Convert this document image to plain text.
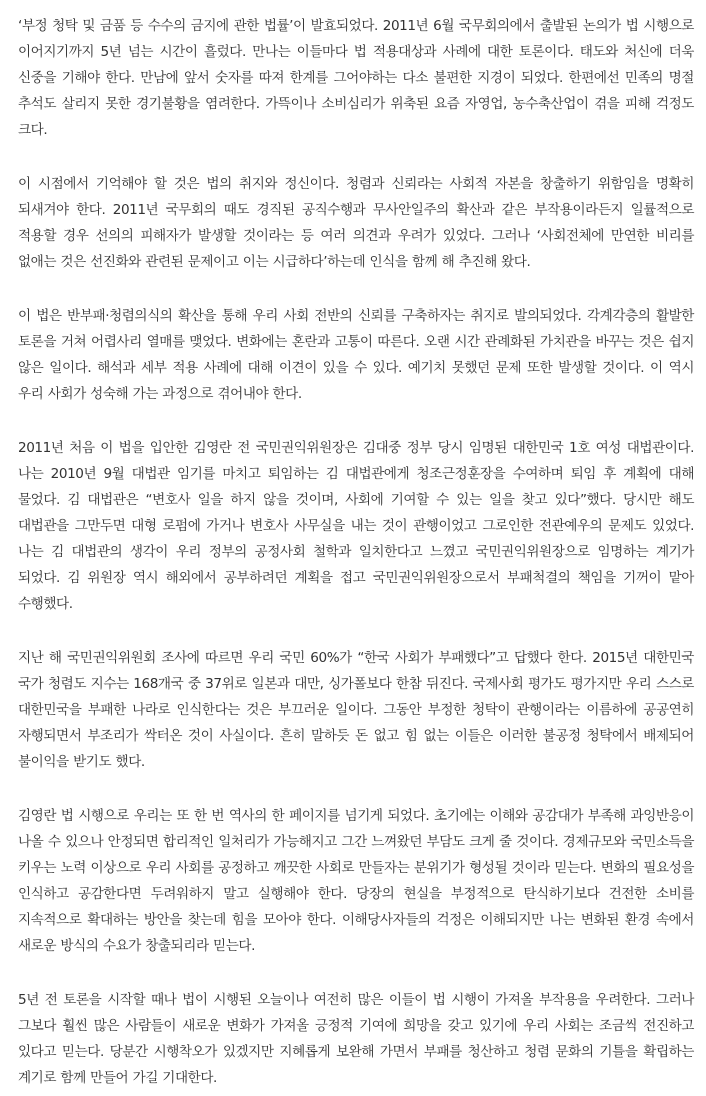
‘부정 청탁 및 금품 등 수수의 금지에 관한 법률’이 발효되었다. 2011년 6월 국무회의에서 출발된 논의가 법 시행으로 이어지기까지 5년 넘는 시간이 흘렀다. 만나는 이들마다 법 적용대상과 사례에 대한 토론이다. 태도와 처신에 더욱 신중을 기해야 한다. 만남에 앞서 숫자를 따져 한계를 그어야하는 다소 불편한 지경이 되었다. 한편에선 민족의 명절 추석도 살리지 못한 경기불황을 염려한다. 가뜩이나 소비심리가 위축된 요즘 자영업, 농수축산업이 겪을 피해 걱정도 크다.

이 시점에서 기억해야 할 것은 법의 취지와 정신이다. 청렴과 신뢰라는 사회적 자본을 창출하기 위함임을 명확히 되새겨야 한다. 2011년 국무회의 때도 경직된 공직수행과 무사안일주의 확산과 같은 부작용이라든지 일률적으로 적용할 경우 선의의 피해자가 발생할 것이라는 등 여러 의견과 우려가 있었다. 그러나 ‘사회전체에 만연한 비리를 없애는 것은 선진화와 관련된 문제이고 이는 시급하다’하는데 인식을 함께 해 추진해 왔다.

이 법은 반부패·청렴의식의 확산을 통해 우리 사회 전반의 신뢰를 구축하자는 취지로 발의되었다. 각계각층의 활발한 토론을 거쳐 어렵사리 열매를 맺었다. 변화에는 혼란과 고통이 따른다. 오랜 시간 관례화된 가치관을 바꾸는 것은 쉽지 않은 일이다. 해석과 세부 적용 사례에 대해 이견이 있을 수 있다. 예기치 못했던 문제 또한 발생할 것이다. 이 역시 우리 사회가 성숙해 가는 과정으로 겪어내야 한다.

2011년 처음 이 법을 입안한 김영란 전 국민권익위원장은 김대중 정부 당시 임명된 대한민국 1호 여성 대법관이다. 나는 2010년 9월 대법관 임기를 마치고 퇴임하는 김 대법관에게 청조근정훈장을 수여하며 퇴임 후 계획에 대해 물었다. 김 대법관은 “변호사 일을 하지 않을 것이며, 사회에 기여할 수 있는 일을 찾고 있다”했다. 당시만 해도 대법관을 그만두면 대형 로펌에 가거나 변호사 사무실을 내는 것이 관행이었고 그로인한 전관예우의 문제도 있었다. 나는 김 대법관의 생각이 우리 정부의 공정사회 철학과 일치한다고 느꼈고 국민권익위원장으로 임명하는 계기가 되었다. 김 위원장 역시 해외에서 공부하려던 계획을 접고 국민권익위원장으로서 부패척결의 책임을 기꺼이 맡아 수행했다.

지난 해 국민권익위원회 조사에 따르면 우리 국민 60%가 “한국 사회가 부패했다”고 답했다 한다. 2015년 대한민국 국가 청렴도 지수는 168개국 중 37위로 일본과 대만, 싱가폴보다 한참 뒤진다. 국제사회 평가도 평가지만 우리 스스로 대한민국을 부패한 나라로 인식한다는 것은 부끄러운 일이다. 그동안 부정한 청탁이 관행이라는 이름하에 공공연히 자행되면서 부조리가 싹터온 것이 사실이다. 흔히 말하듯 돈 없고 힘 없는 이들은 이러한 불공정 청탁에서 배제되어 불이익을 받기도 했다.

김영란 법 시행으로 우리는 또 한 번 역사의 한 페이지를 넘기게 되었다. 초기에는 이해와 공감대가 부족해 과잉반응이 나올 수 있으나 안정되면 합리적인 일처리가 가능해지고 그간 느껴왔던 부담도 크게 줄 것이다. 경제규모와 국민소득을 키우는 노력 이상으로 우리 사회를 공정하고 깨끗한 사회로 만들자는 분위기가 형성될 것이라 믿는다. 변화의 필요성을 인식하고 공감한다면 두려워하지 말고 실행해야 한다. 당장의 현실을 부정적으로 탄식하기보다 건전한 소비를 지속적으로 확대하는 방안을 찾는데 힘을 모아야 한다. 이해당사자들의 걱정은 이해되지만 나는 변화된 환경 속에서 새로운 방식의 수요가 창출되리라 믿는다.

5년 전 토론을 시작할 때나 법이 시행된 오늘이나 여전히 많은 이들이 법 시행이 가져올 부작용을 우려한다. 그러나 그보다 훨씬 많은 사람들이 새로운 변화가 가져올 긍정적 기여에 희망을 갖고 있기에 우리 사회는 조금씩 전진하고 있다고 믿는다. 당분간 시행착오가 있겠지만 지혜롭게 보완해 가면서 부패를 청산하고 청렴 문화의 기틀을 확립하는 계기로 함께 만들어 가길 기대한다.
